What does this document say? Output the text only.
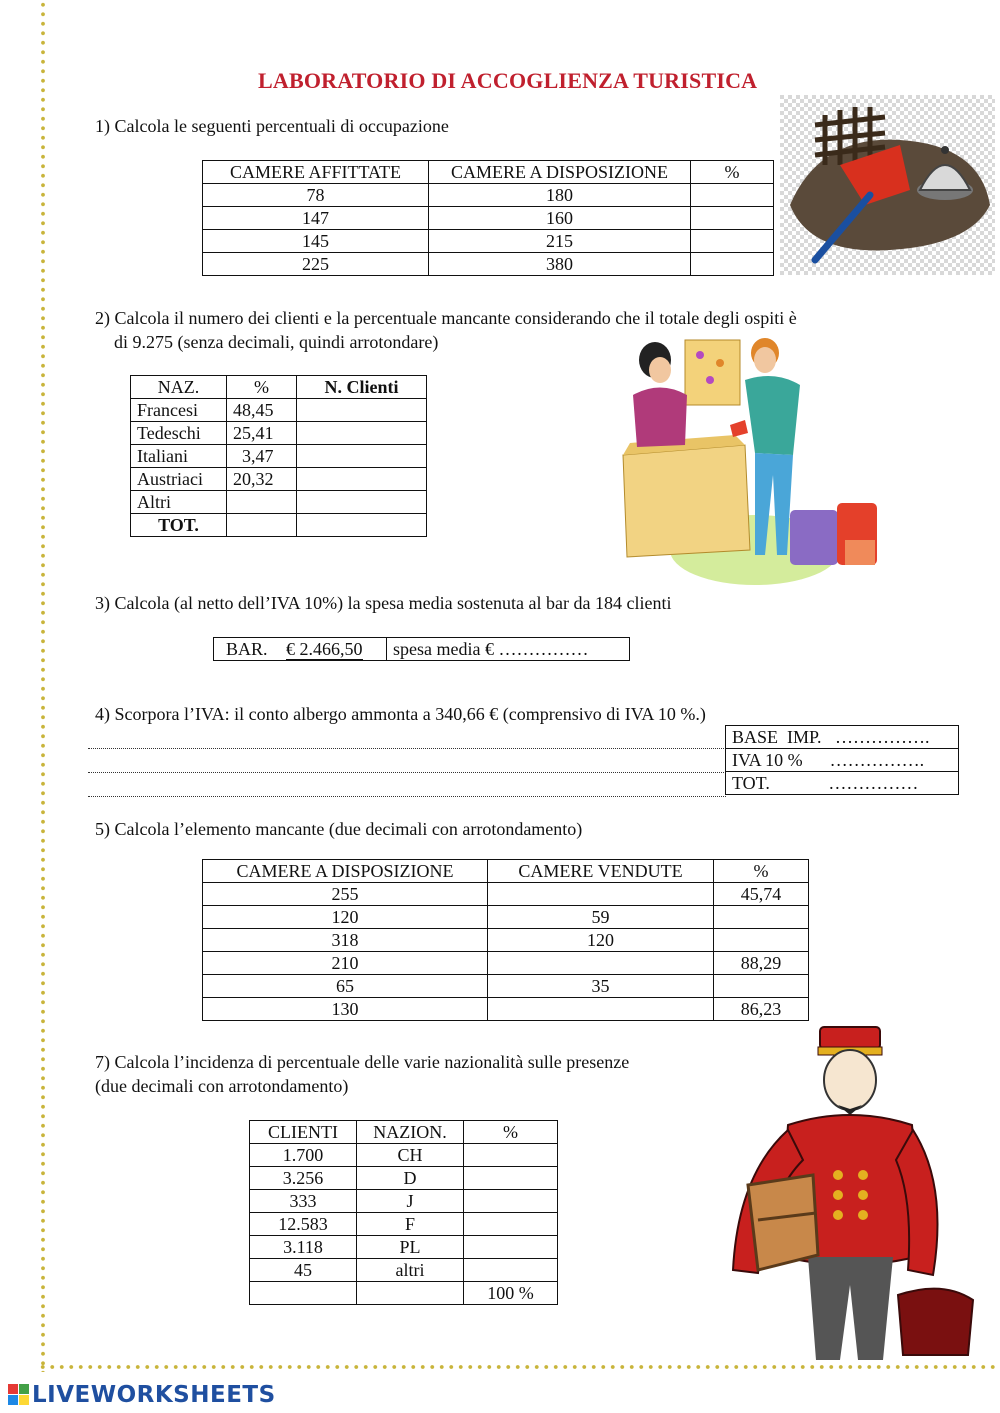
LABORATORIO DI ACCOGLIENZA TURISTICA
1) Calcola le seguenti percentuali di occupazione
CAMERE AFFITTATE	CAMERE A DISPOSIZIONE	%
78	180	
147	160	
145	215	
225	380	
2) Calcola il numero dei clienti e la percentuale mancante considerando che il totale degli ospiti è
di 9.275 (senza decimali, quindi arrotondare)
NAZ.	%	N. Clienti
Francesi	48,45	
Tedeschi	25,41	
Italiani	3,47	
Austriaci	20,32	
Altri		
TOT.		
3) Calcola (al netto dell’IVA 10%) la spesa media sostenuta al bar da 184 clienti
BAR. € 2.466,50	spesa media € ……………
4) Scorpora l’IVA: il conto albergo ammonta a 340,66 € (comprensivo di IVA 10 %.)
BASE  IMP.   …………….
IVA 10 %      …………….
TOT.             ……………
5) Calcola l’elemento mancante (due decimali con arrotondamento)
CAMERE A DISPOSIZIONE	CAMERE VENDUTE	%
255		45,74
120	59	
318	120	
210		88,29
65	35	
130		86,23
7) Calcola l’incidenza di percentuale delle varie nazionalità sulle presenze
(due decimali con arrotondamento)
CLIENTI	NAZION.	%
1.700	CH	
3.256	D	
333	J	
12.583	F	
3.118	PL	
45	altri	
		100 %
LIVEWORKSHEETS
